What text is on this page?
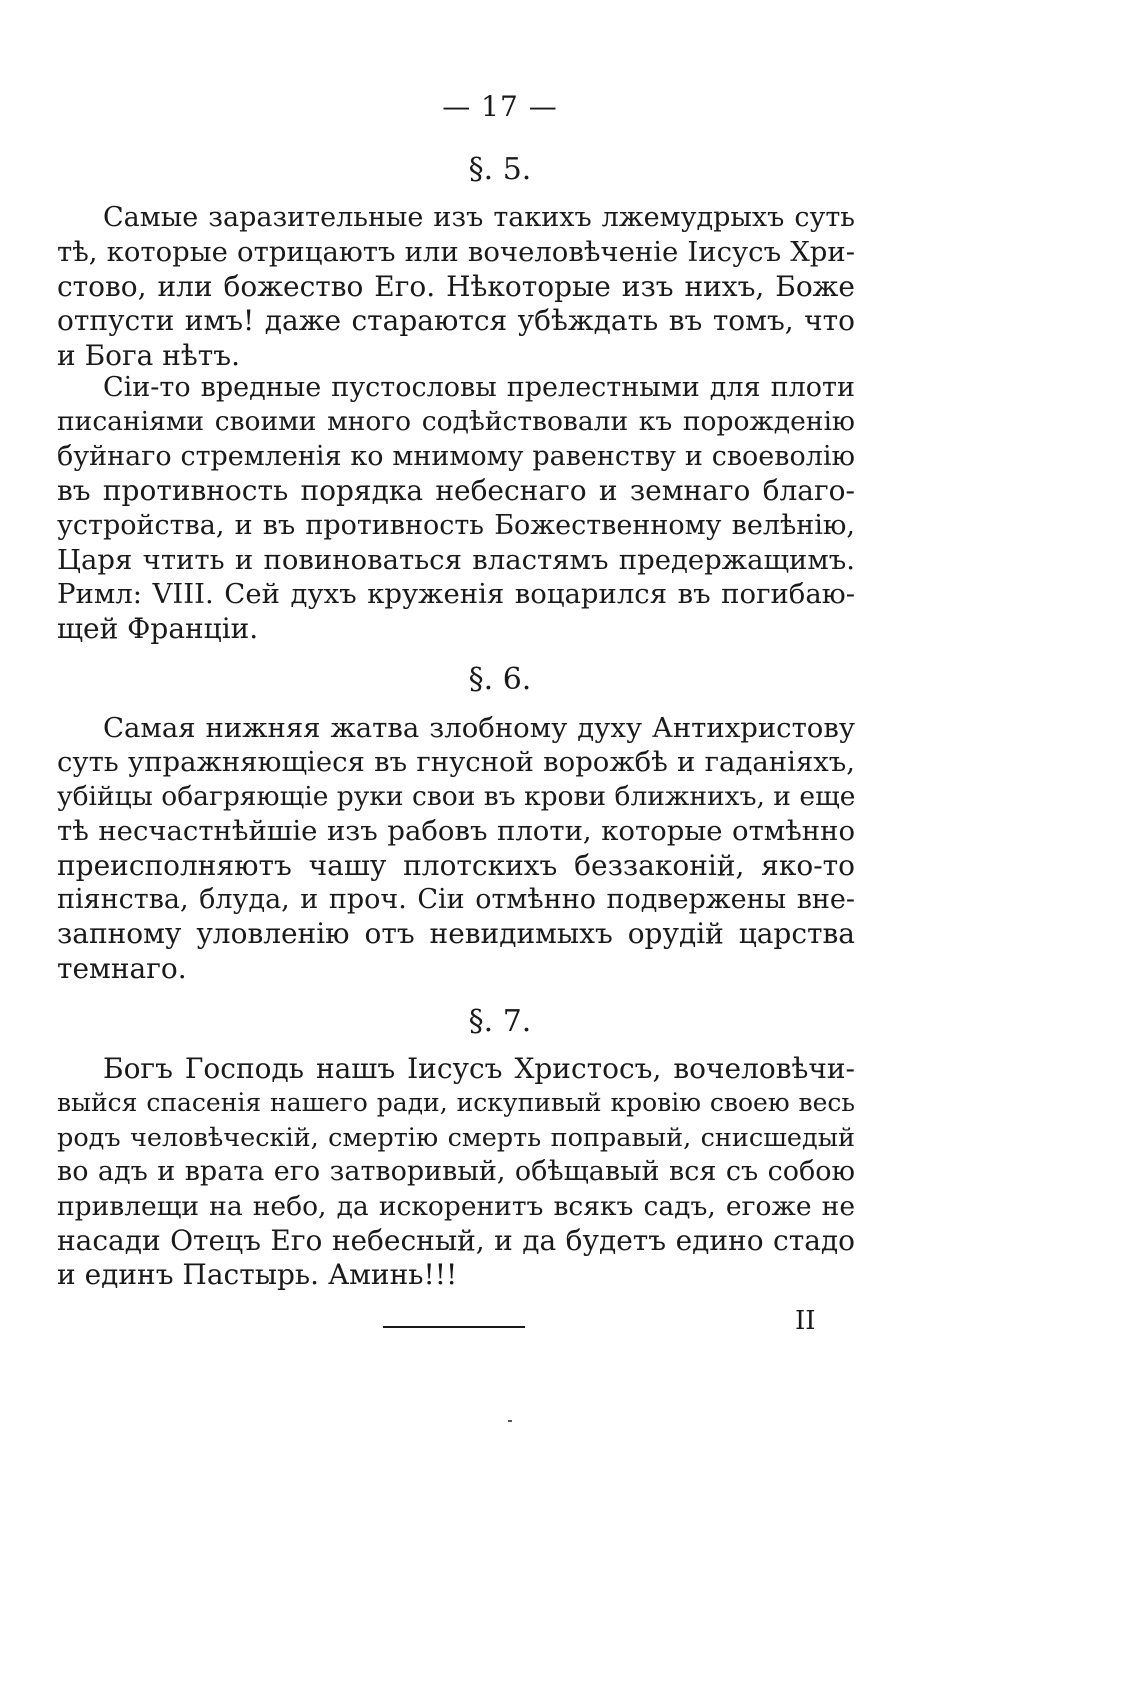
— 17 —
§. 5.
Самые заразительные изъ такихъ лжемудрыхъ суть
тѣ, которые отрицаютъ или вочеловѣченіе Іисусъ Хри-
стово, или божество Его. Нѣкоторые изъ нихъ, Боже
отпусти имъ! даже стараются убѣждать въ томъ, что
и Бога нѣтъ.
Сіи-то вредные пустословы прелестными для плоти
писаніями своими много содѣйствовали къ порожденію
буйнаго стремленія ко мнимому равенству и своеволію
въ противность порядка небеснаго и земнаго благо-
устройства, и въ противность Божественному велѣнію,
Царя чтить и повиноваться властямъ предержащимъ.
Римл: VIII. Сей духъ круженія воцарился въ погибаю-
щей Франціи.
§. 6.
Самая нижняя жатва злобному духу Антихристову
суть упражняющіеся въ гнусной ворожбѣ и гаданіяхъ,
убійцы обагряющіе руки свои въ крови ближнихъ, и еще
тѣ несчастнѣйшіе изъ рабовъ плоти, которые отмѣнно
преисполняютъ чашу плотскихъ беззаконій, яко-то
піянства, блуда, и проч. Сіи отмѣнно подвержены вне-
запному уловленію отъ невидимыхъ орудій царства
темнаго.
§. 7.
Богъ Господь нашъ Іисусъ Христосъ, вочеловѣчи-
выйся спасенія нашего ради, искупивый кровію своею весь
родъ человѣческій, смертію смерть поправый, снисшедый
во адъ и врата его затворивый, обѣщавый вся съ собою
привлещи на небо, да искоренитъ всякъ садъ, егоже не
насади Отецъ Его небесный, и да будетъ едино стадо
и единъ Пастырь. Аминь!!!
II
